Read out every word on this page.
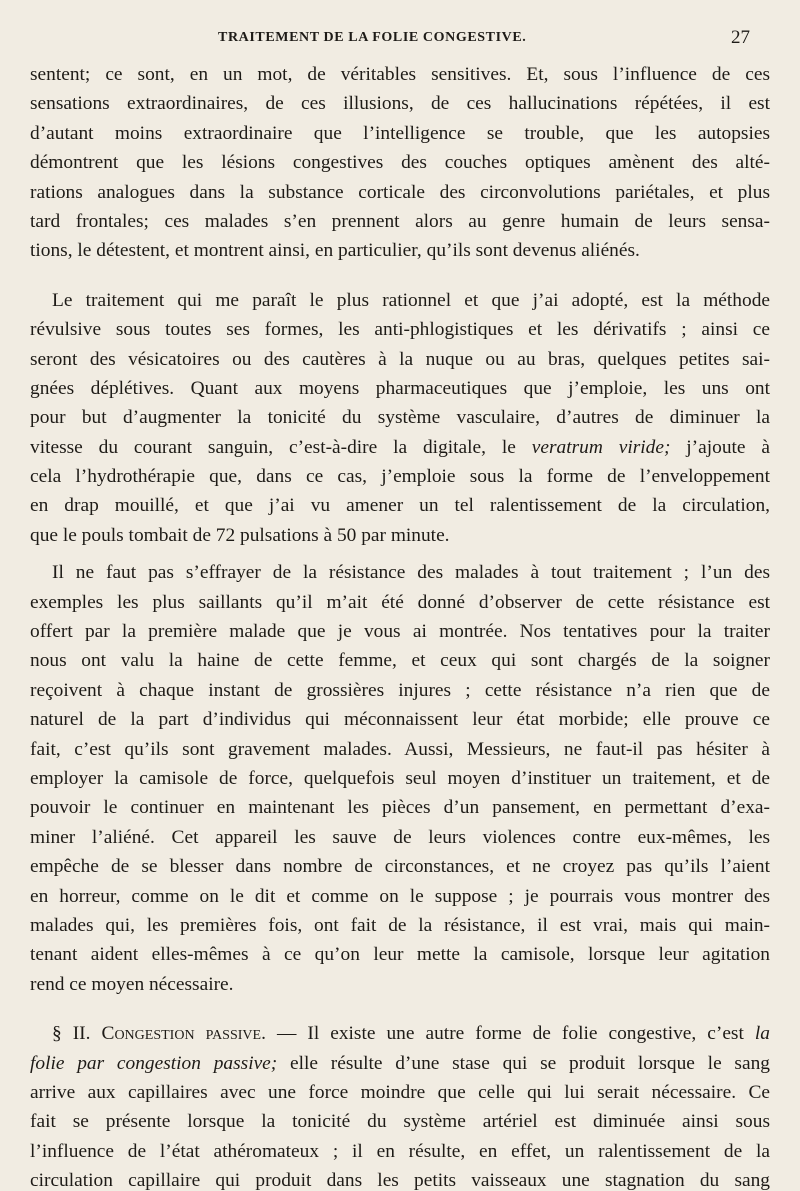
TRAITEMENT DE LA FOLIE CONGESTIVE.	27
sentent; ce sont, en un mot, de véritables sensitives. Et, sous l’influence de ces
sensations extraordinaires, de ces illusions, de ces hallucinations répétées, il est
d’autant moins extraordinaire que l’intelligence se trouble, que les autopsies
démontrent que les lésions congestives des couches optiques amènent des alté-
rations analogues dans la substance corticale des circonvolutions pariétales, et plus
tard frontales; ces malades s’en prennent alors au genre humain de leurs sensa-
tions, le détestent, et montrent ainsi, en particulier, qu’ils sont devenus aliénés.
Le traitement qui me paraît le plus rationnel et que j’ai adopté, est la méthode
révulsive sous toutes ses formes, les anti-phlogistiques et les dérivatifs ; ainsi ce
seront des vésicatoires ou des cautères à la nuque ou au bras, quelques petites sai-
gnées déplétives. Quant aux moyens pharmaceutiques que j’emploie, les uns ont
pour but d’augmenter la tonicité du système vasculaire, d’autres de diminuer la
vitesse du courant sanguin, c’est-à-dire la digitale, le veratrum viride; j’ajoute à
cela l’hydrothérapie que, dans ce cas, j’emploie sous la forme de l’enveloppement
en drap mouillé, et que j’ai vu amener un tel ralentissement de la circulation,
que le pouls tombait de 72 pulsations à 50 par minute.
Il ne faut pas s’effrayer de la résistance des malades à tout traitement ; l’un des
exemples les plus saillants qu’il m’ait été donné d’observer de cette résistance est
offert par la première malade que je vous ai montrée. Nos tentatives pour la traiter
nous ont valu la haine de cette femme, et ceux qui sont chargés de la soigner
reçoivent à chaque instant de grossières injures ; cette résistance n’a rien que de
naturel de la part d’individus qui méconnaissent leur état morbide; elle prouve ce
fait, c’est qu’ils sont gravement malades. Aussi, Messieurs, ne faut-il pas hésiter à
employer la camisole de force, quelquefois seul moyen d’instituer un traitement, et de
pouvoir le continuer en maintenant les pièces d’un pansement, en permettant d’exa-
miner l’aliéné. Cet appareil les sauve de leurs violences contre eux-mêmes, les
empêche de se blesser dans nombre de circonstances, et ne croyez pas qu’ils l’aient
en horreur, comme on le dit et comme on le suppose ; je pourrais vous montrer des
malades qui, les premières fois, ont fait de la résistance, il est vrai, mais qui main-
tenant aident elles-mêmes à ce qu’on leur mette la camisole, lorsque leur agitation
rend ce moyen nécessaire.
§ II. Congestion passive. — Il existe une autre forme de folie congestive, c’est la
folie par congestion passive; elle résulte d’une stase qui se produit lorsque le sang
arrive aux capillaires avec une force moindre que celle qui lui serait nécessaire. Ce
fait se présente lorsque la tonicité du système artériel est diminuée ainsi sous
l’influence de l’état athéromateux ; il en résulte, en effet, un ralentissement de la
circulation capillaire qui produit dans les petits vaisseaux une stagnation du sang
